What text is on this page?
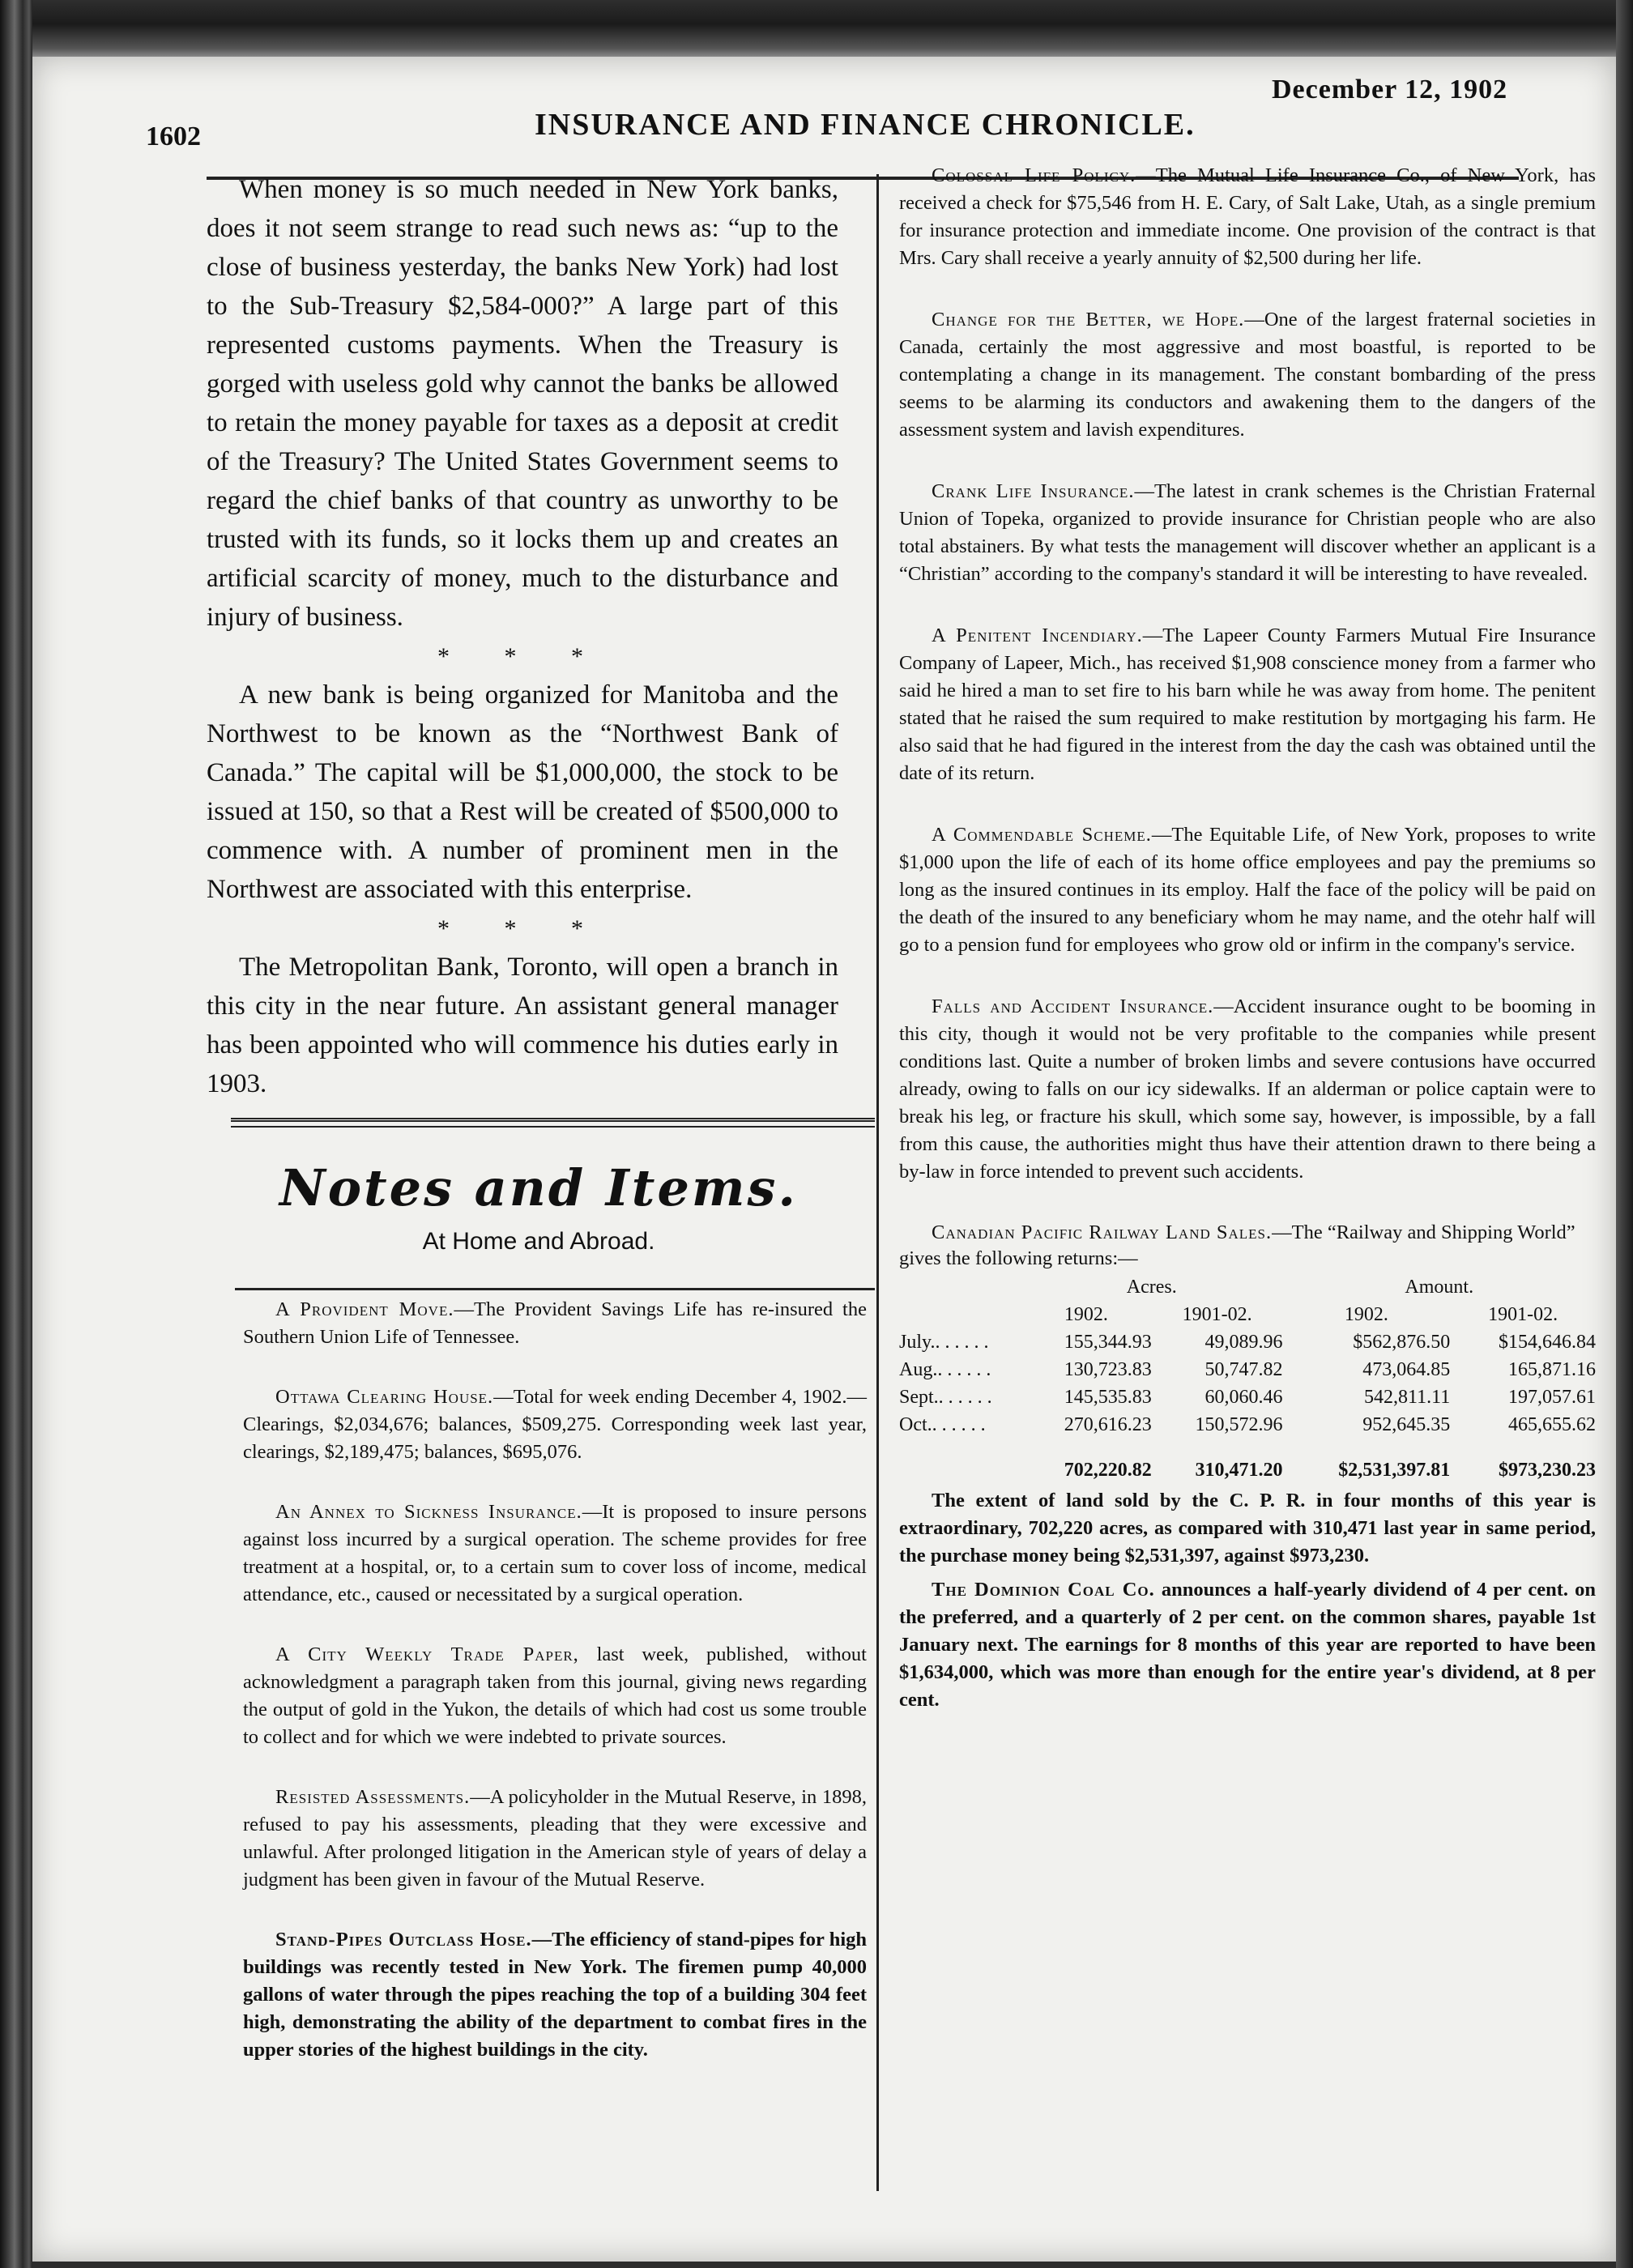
1602	INSURANCE AND FINANCE CHRONICLE.
December 12, 1902

When money is so much needed in New York banks, does it not seem strange to read such news as: “up to the close of business yesterday, the banks New York) had lost to the Sub-Treasury $2,584-000?” A large part of this represented customs payments. When the Treasury is gorged with useless gold why cannot the banks be allowed to retain the money payable for taxes as a deposit at credit of the Treasury? The United States Government seems to regard the chief banks of that country as unworthy to be trusted with its funds, so it locks them up and creates an artificial scarcity of money, much to the disturbance and injury of business.

* * *

A new bank is being organized for Manitoba and the Northwest to be known as the “Northwest Bank of Canada.” The capital will be $1,000,000, the stock to be issued at 150, so that a Rest will be created of $500,000 to commence with. A number of prominent men in the Northwest are associated with this enterprise.

* * *

The Metropolitan Bank, Toronto, will open a branch in this city in the near future. An assistant general manager has been appointed who will commence his duties early in 1903.

Notes and Items.
At Home and Abroad.

A Provident Move.—The Provident Savings Life has re-insured the Southern Union Life of Tennessee.

Ottawa Clearing House.—Total for week ending December 4, 1902.—Clearings, $2,034,676; balances, $509,275. Corresponding week last year, clearings, $2,189,475; balances, $695,076.

An Annex to Sickness Insurance.—It is proposed to insure persons against loss incurred by a surgical operation. The scheme provides for free treatment at a hospital, or, to a certain sum to cover loss of income, medical attendance, etc., caused or necessitated by a surgical operation.

A City Weekly Trade Paper, last week, published, without acknowledgment a paragraph taken from this journal, giving news regarding the output of gold in the Yukon, the details of which had cost us some trouble to collect and for which we were indebted to private sources.

Resisted Assessments.—A policyholder in the Mutual Reserve, in 1898, refused to pay his assessments, pleading that they were excessive and unlawful. After prolonged litigation in the American style of years of delay a judgment has been given in favour of the Mutual Reserve.

Stand-Pipes Outclass Hose.—The efficiency of stand-pipes for high buildings was recently tested in New York. The firemen pump 40,000 gallons of water through the pipes reaching the top of a building 304 feet high, demonstrating the ability of the department to combat fires in the upper stories of the highest buildings in the city.

Colossal Life Policy.—The Mutual Life Insurance Co., of New York, has received a check for $75,546 from H. E. Cary, of Salt Lake, Utah, as a single premium for insurance protection and immediate income. One provision of the contract is that Mrs. Cary shall receive a yearly annuity of $2,500 during her life.

Change for the Better, we Hope.—One of the largest fraternal societies in Canada, certainly the most aggressive and most boastful, is reported to be contemplating a change in its management. The constant bombarding of the press seems to be alarming its conductors and awakening them to the dangers of the assessment system and lavish expenditures.

Crank Life Insurance.—The latest in crank schemes is the Christian Fraternal Union of Topeka, organized to provide insurance for Christian people who are also total abstainers. By what tests the management will discover whether an applicant is a “Christian” according to the company's standard it will be interesting to have revealed.

A Penitent Incendiary.—The Lapeer County Farmers Mutual Fire Insurance Company of Lapeer, Mich., has received $1,908 conscience money from a farmer who said he hired a man to set fire to his barn while he was away from home. The penitent stated that he raised the sum required to make restitution by mortgaging his farm. He also said that he had figured in the interest from the day the cash was obtained until the date of its return.

A Commendable Scheme.—The Equitable Life, of New York, proposes to write $1,000 upon the life of each of its home office employees and pay the premiums so long as the insured continues in its employ. Half the face of the policy will be paid on the death of the insured to any beneficiary whom he may name, and the otehr half will go to a pension fund for employees who grow old or infirm in the company's service.

Falls and Accident Insurance.—Accident insurance ought to be booming in this city, though it would not be very profitable to the companies while present conditions last. Quite a number of broken limbs and severe contusions have occurred already, owing to falls on our icy sidewalks. If an alderman or police captain were to break his leg, or fracture his skull, which some say, however, is impossible, by a fall from this cause, the authorities might thus have their attention drawn to there being a by-law in force intended to prevent such accidents.

Canadian Pacific Railway Land Sales.—The “Railway and Shipping World” gives the following returns:—
	Acres.		Amount.	
	1902.	1901-02.	1902.	1901-02.
July.. . . . . .	155,344.93	49,089.96	$562,876.50	$154,646.84
Aug.. . . . . .	130,723.83	50,747.82	473,064.85	165,871.16
Sept.. . . . . .	145,535.83	60,060.46	542,811.11	197,057.61
Oct.. . . . . .	270,616.23	150,572.96	952,645.35	465,655.62
	702,220.82	310,471.20	$2,531,397.81	$973,230.23

The extent of land sold by the C. P. R. in four months of this year is extraordinary, 702,220 acres, as compared with 310,471 last year in same period, the purchase money being $2,531,397, against $973,230.

The Dominion Coal Co. announces a half-yearly dividend of 4 per cent. on the preferred, and a quarterly of 2 per cent. on the common shares, payable 1st January next. The earnings for 8 months of this year are reported to have been $1,634,000, which was more than enough for the entire year's dividend, at 8 per cent.
